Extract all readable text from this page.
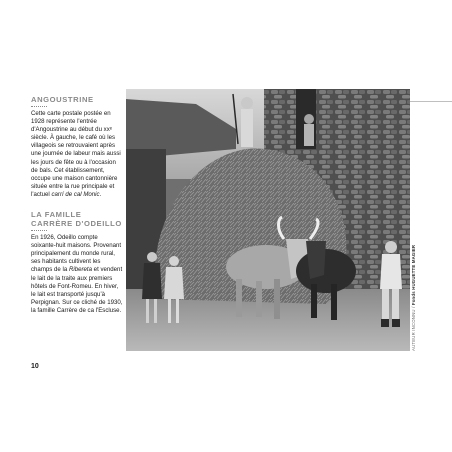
ANGOUSTRINE

Cette carte postale postée en 1928 représente l'entrée d'Angoustrine au début du xxᵉ siècle. À gauche, le café où les villageois se retrouvaient après une journée de labeur mais aussi les jours de fête ou à l'occasion de bals. Cet établissement, occupe une maison cantonnière située entre la rue principale et l'actuel carrí de cal Monic.

LA FAMILLE
CARRÈRE D'ODEILLO

En 1926, Odeillo compte soixante-huit maisons. Provenant principalement du monde rural, ses habitants cultivent les champs de la Ribereta et vendent le lait de la traite aux premiers hôtels de Font-Romeu. En hiver, le lait est transporté jusqu'à Perpignan. Sur ce cliché de 1930, la famille Carrère de ca l'Escluse.

10
AUTEUR INCONNU / Fonds HUGUETTE MAGIER
